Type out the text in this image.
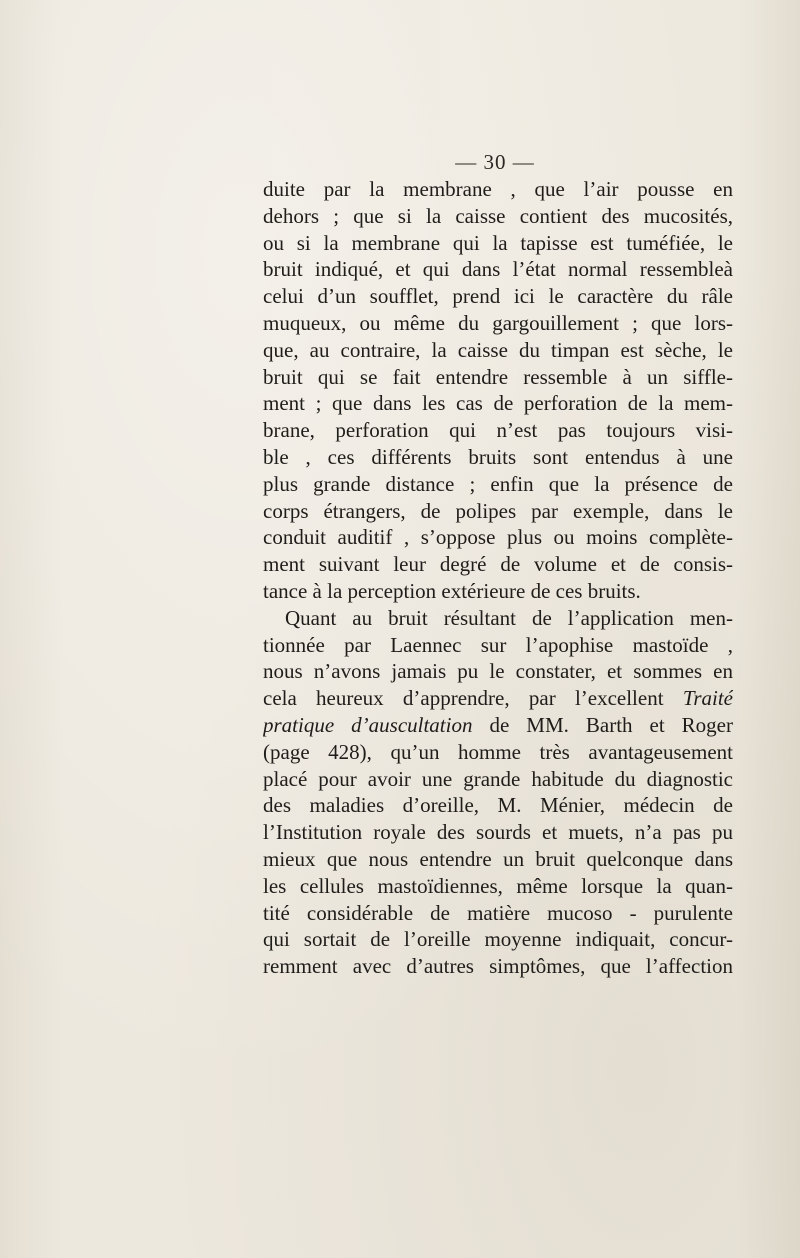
— 30 —
duite par la membrane , que l’air pousse en
dehors ; que si la caisse contient des mucosités,
ou si la membrane qui la tapisse est tuméfiée, le
bruit indiqué, et qui dans l’état normal ressembleà
celui d’un soufflet, prend ici le caractère du râle
muqueux, ou même du gargouillement ; que lors-
que, au contraire, la caisse du timpan est sèche, le
bruit qui se fait entendre ressemble à un siffle-
ment ; que dans les cas de perforation de la mem-
brane, perforation qui n’est pas toujours visi-
ble , ces différents bruits sont entendus à une
plus grande distance ; enfin que la présence de
corps étrangers, de polipes par exemple, dans le
conduit auditif , s’oppose plus ou moins complète-
ment suivant leur degré de volume et de consis-
tance à la perception extérieure de ces bruits.
Quant au bruit résultant de l’application men-
tionnée par Laennec sur l’apophise mastoïde ,
nous n’avons jamais pu le constater, et sommes en
cela heureux d’apprendre, par l’excellent Traité
pratique d’auscultation de MM. Barth et Roger
(page 428), qu’un homme très avantageusement
placé pour avoir une grande habitude du diagnostic
des maladies d’oreille, M. Ménier, médecin de
l’Institution royale des sourds et muets, n’a pas pu
mieux que nous entendre un bruit quelconque dans
les cellules mastoïdiennes, même lorsque la quan-
tité considérable de matière mucoso - purulente
qui sortait de l’oreille moyenne indiquait, concur-
remment avec d’autres simptômes, que l’affection
